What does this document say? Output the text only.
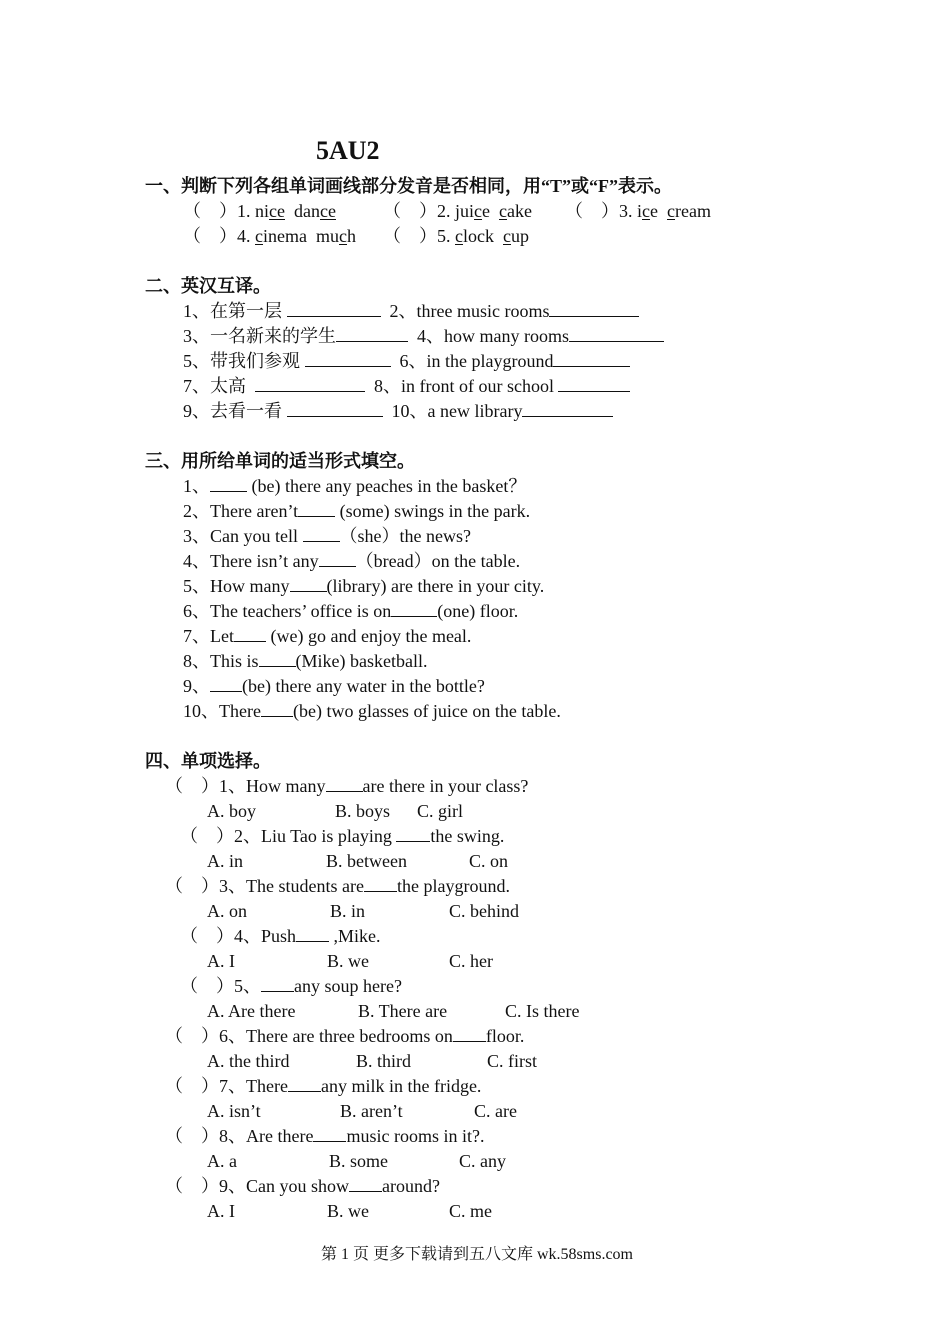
5AU2
一、判断下列各组单词画线部分发音是否相同，用“T”或“F”表示。
（　）1. nice dance	（　）2. juice cake （　）3. ice cream
（　）4. cinema much （　）5. clock cup
二、英汉互译。
1、在第一层	2、three music rooms
3、一名新来的学生	4、how many rooms
5、带我们参观	6、in the playground
7、太高	8、in front of our school
9、去看一看	10、a new library
三、用所给单词的适当形式填空。
1、 (be) there any peaches in the basket？
2、There aren’t (some) swings in the park.
3、Can you tell （she）the news?
4、There isn’t any （bread）on the table.
5、How many (library) are there in your city.
6、The teachers’ office is on	(one) floor.
7、Let (we) go and enjoy the meal.
8、This is (Mike) basketball.
9、 (be) there any water in the bottle?
10、There (be) two glasses of juice on the table.
四、单项选择。
（　）1、How many are there in your class?
A. boy	B. boys C. girl
（　）2、Liu Tao is playing the swing.
A. in	B. between	C. on
（　）3、The students are the playground.
A. on	B. in	C. behind
（　）4、Push ,Mike.
A. I	B. we	C. her
（　）5、 any soup here?
A. Are there	B. There are	C. Is there
（　）6、There are three bedrooms on floor.
A. the third	B. third	C. first
（　）7、There any milk in the fridge.
A. isn’t	B. aren’t	C. are
（　）8、Are there music rooms in it?.
A. a	B. some	C. any
（　）9、Can you show around?
A. I	B. we	C. me
第 1 页 更多下载请到五八文库 wk.58sms.com
